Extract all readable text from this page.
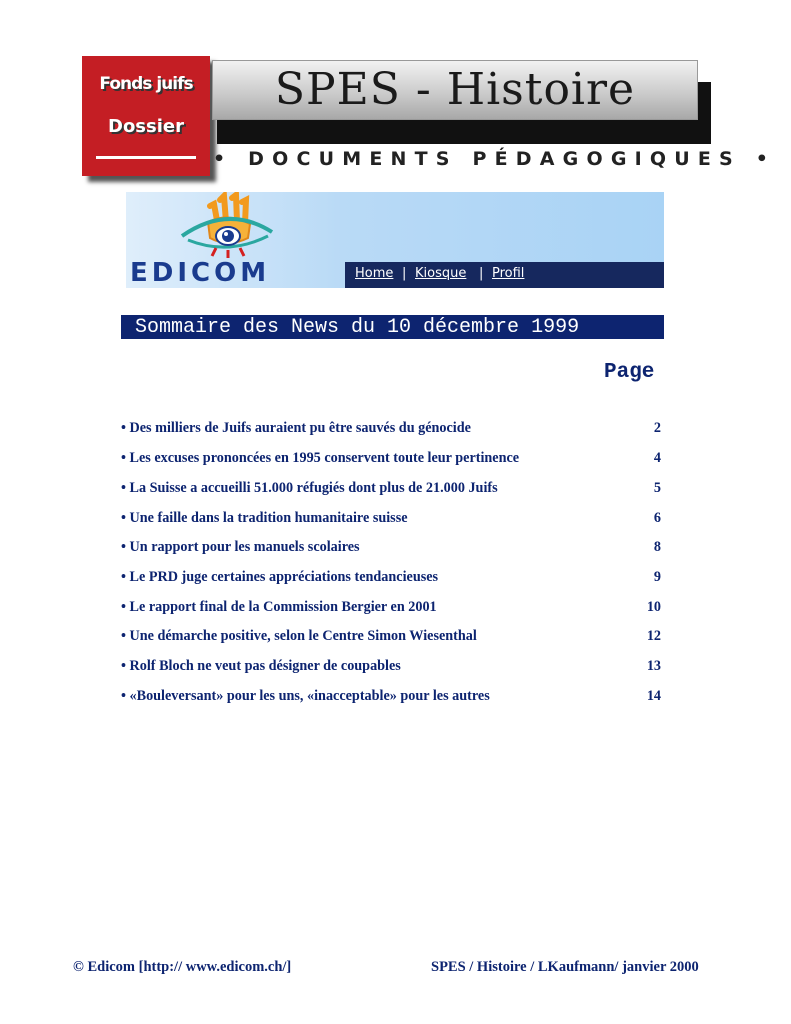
Fonds juifs
Dossier
SPES - Histoire
• DOCUMENTS PÉDAGOGIQUES •
EDICOM	Home | Kiosque | Profil
Sommaire des News du 10 décembre 1999
Page
• Des milliers de Juifs auraient pu être sauvés du génocide	2
• Les excuses prononcées en 1995 conservent toute leur pertinence	4
• La Suisse a accueilli 51.000 réfugiés dont plus de 21.000 Juifs	5
• Une faille dans la tradition humanitaire suisse	6
• Un rapport pour les manuels scolaires	8
• Le PRD juge certaines appréciations tendancieuses	9
• Le rapport final de la Commission Bergier en 2001	10
• Une démarche positive, selon le Centre Simon Wiesenthal	12
• Rolf Bloch ne veut pas désigner de coupables	13
• «Bouleversant» pour les uns, «inacceptable» pour les autres	14
© Edicom [http:// www.edicom.ch/]	SPES / Histoire / LKaufmann/ janvier 2000
